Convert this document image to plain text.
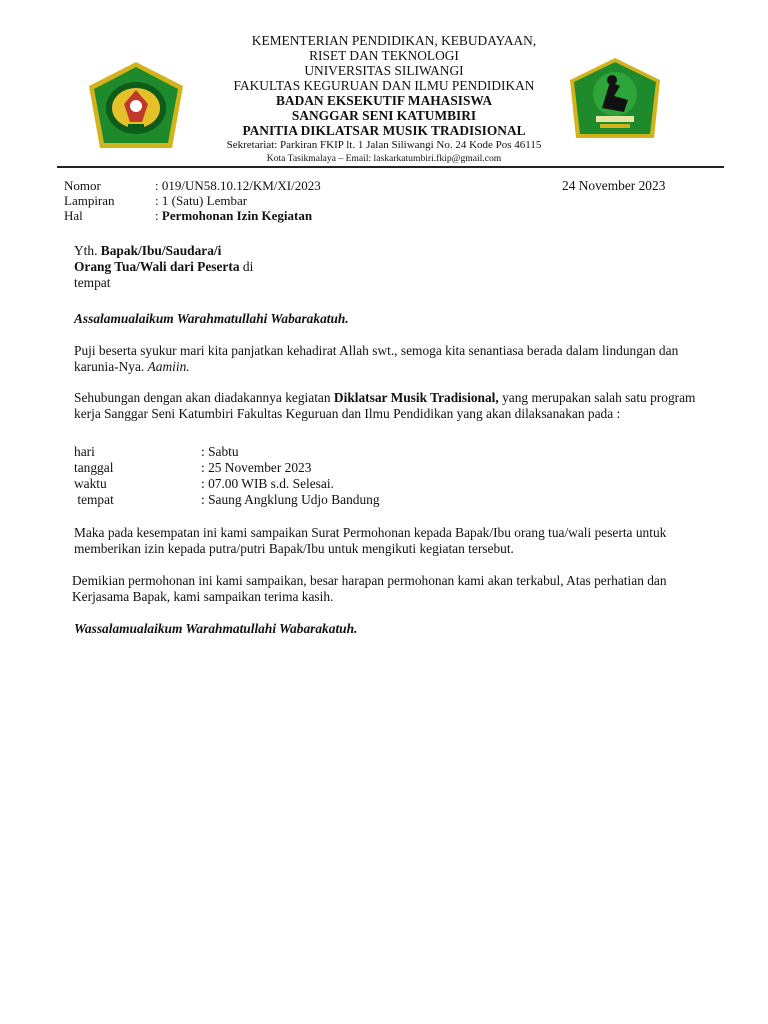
KEMENTERIAN PENDIDIKAN, KEBUDAYAAN,
RISET DAN TEKNOLOGI
UNIVERSITAS SILIWANGI
FAKULTAS KEGURUAN DAN ILMU PENDIDIKAN
BADAN EKSEKUTIF MAHASISWA
SANGGAR SENI KATUMBIRI
PANITIA DIKLATSAR MUSIK TRADISIONAL
Sekretariat: Parkiran FKIP lt. 1 Jalan Siliwangi No. 24 Kode Pos 46115
Kota Tasikmalaya – Email: laskarkatumbiri.fkip@gmail.com
Nomor	: 019/UN58.10.12/KM/XI/2023	24 November 2023
Lampiran	: 1 (Satu) Lembar
Hal	: Permohonan Izin Kegiatan
Yth. Bapak/Ibu/Saudara/i
Orang Tua/Wali dari Peserta di
tempat
Assalamualaikum Warahmatullahi Wabarakatuh.
Puji beserta syukur mari kita panjatkan kehadirat Allah swt., semoga kita senantiasa berada dalam lindungan dan karunia-Nya. Aamiin.
Sehubungan dengan akan diadakannya kegiatan Diklatsar Musik Tradisional, yang merupakan salah satu program kerja Sanggar Seni Katumbiri Fakultas Keguruan dan Ilmu Pendidikan yang akan dilaksanakan pada :
hari	: Sabtu
tanggal	: 25 November 2023
waktu	: 07.00 WIB s.d. Selesai.
tempat	: Saung Angklung Udjo Bandung
Maka pada kesempatan ini kami sampaikan Surat Permohonan kepada Bapak/Ibu orang tua/wali peserta untuk memberikan izin kepada putra/putri Bapak/Ibu untuk mengikuti kegiatan tersebut.
Demikian permohonan ini kami sampaikan, besar harapan permohonan kami akan terkabul, Atas perhatian dan Kerjasama Bapak, kami sampaikan terima kasih.
Wassalamualaikum Warahmatullahi Wabarakatuh.
